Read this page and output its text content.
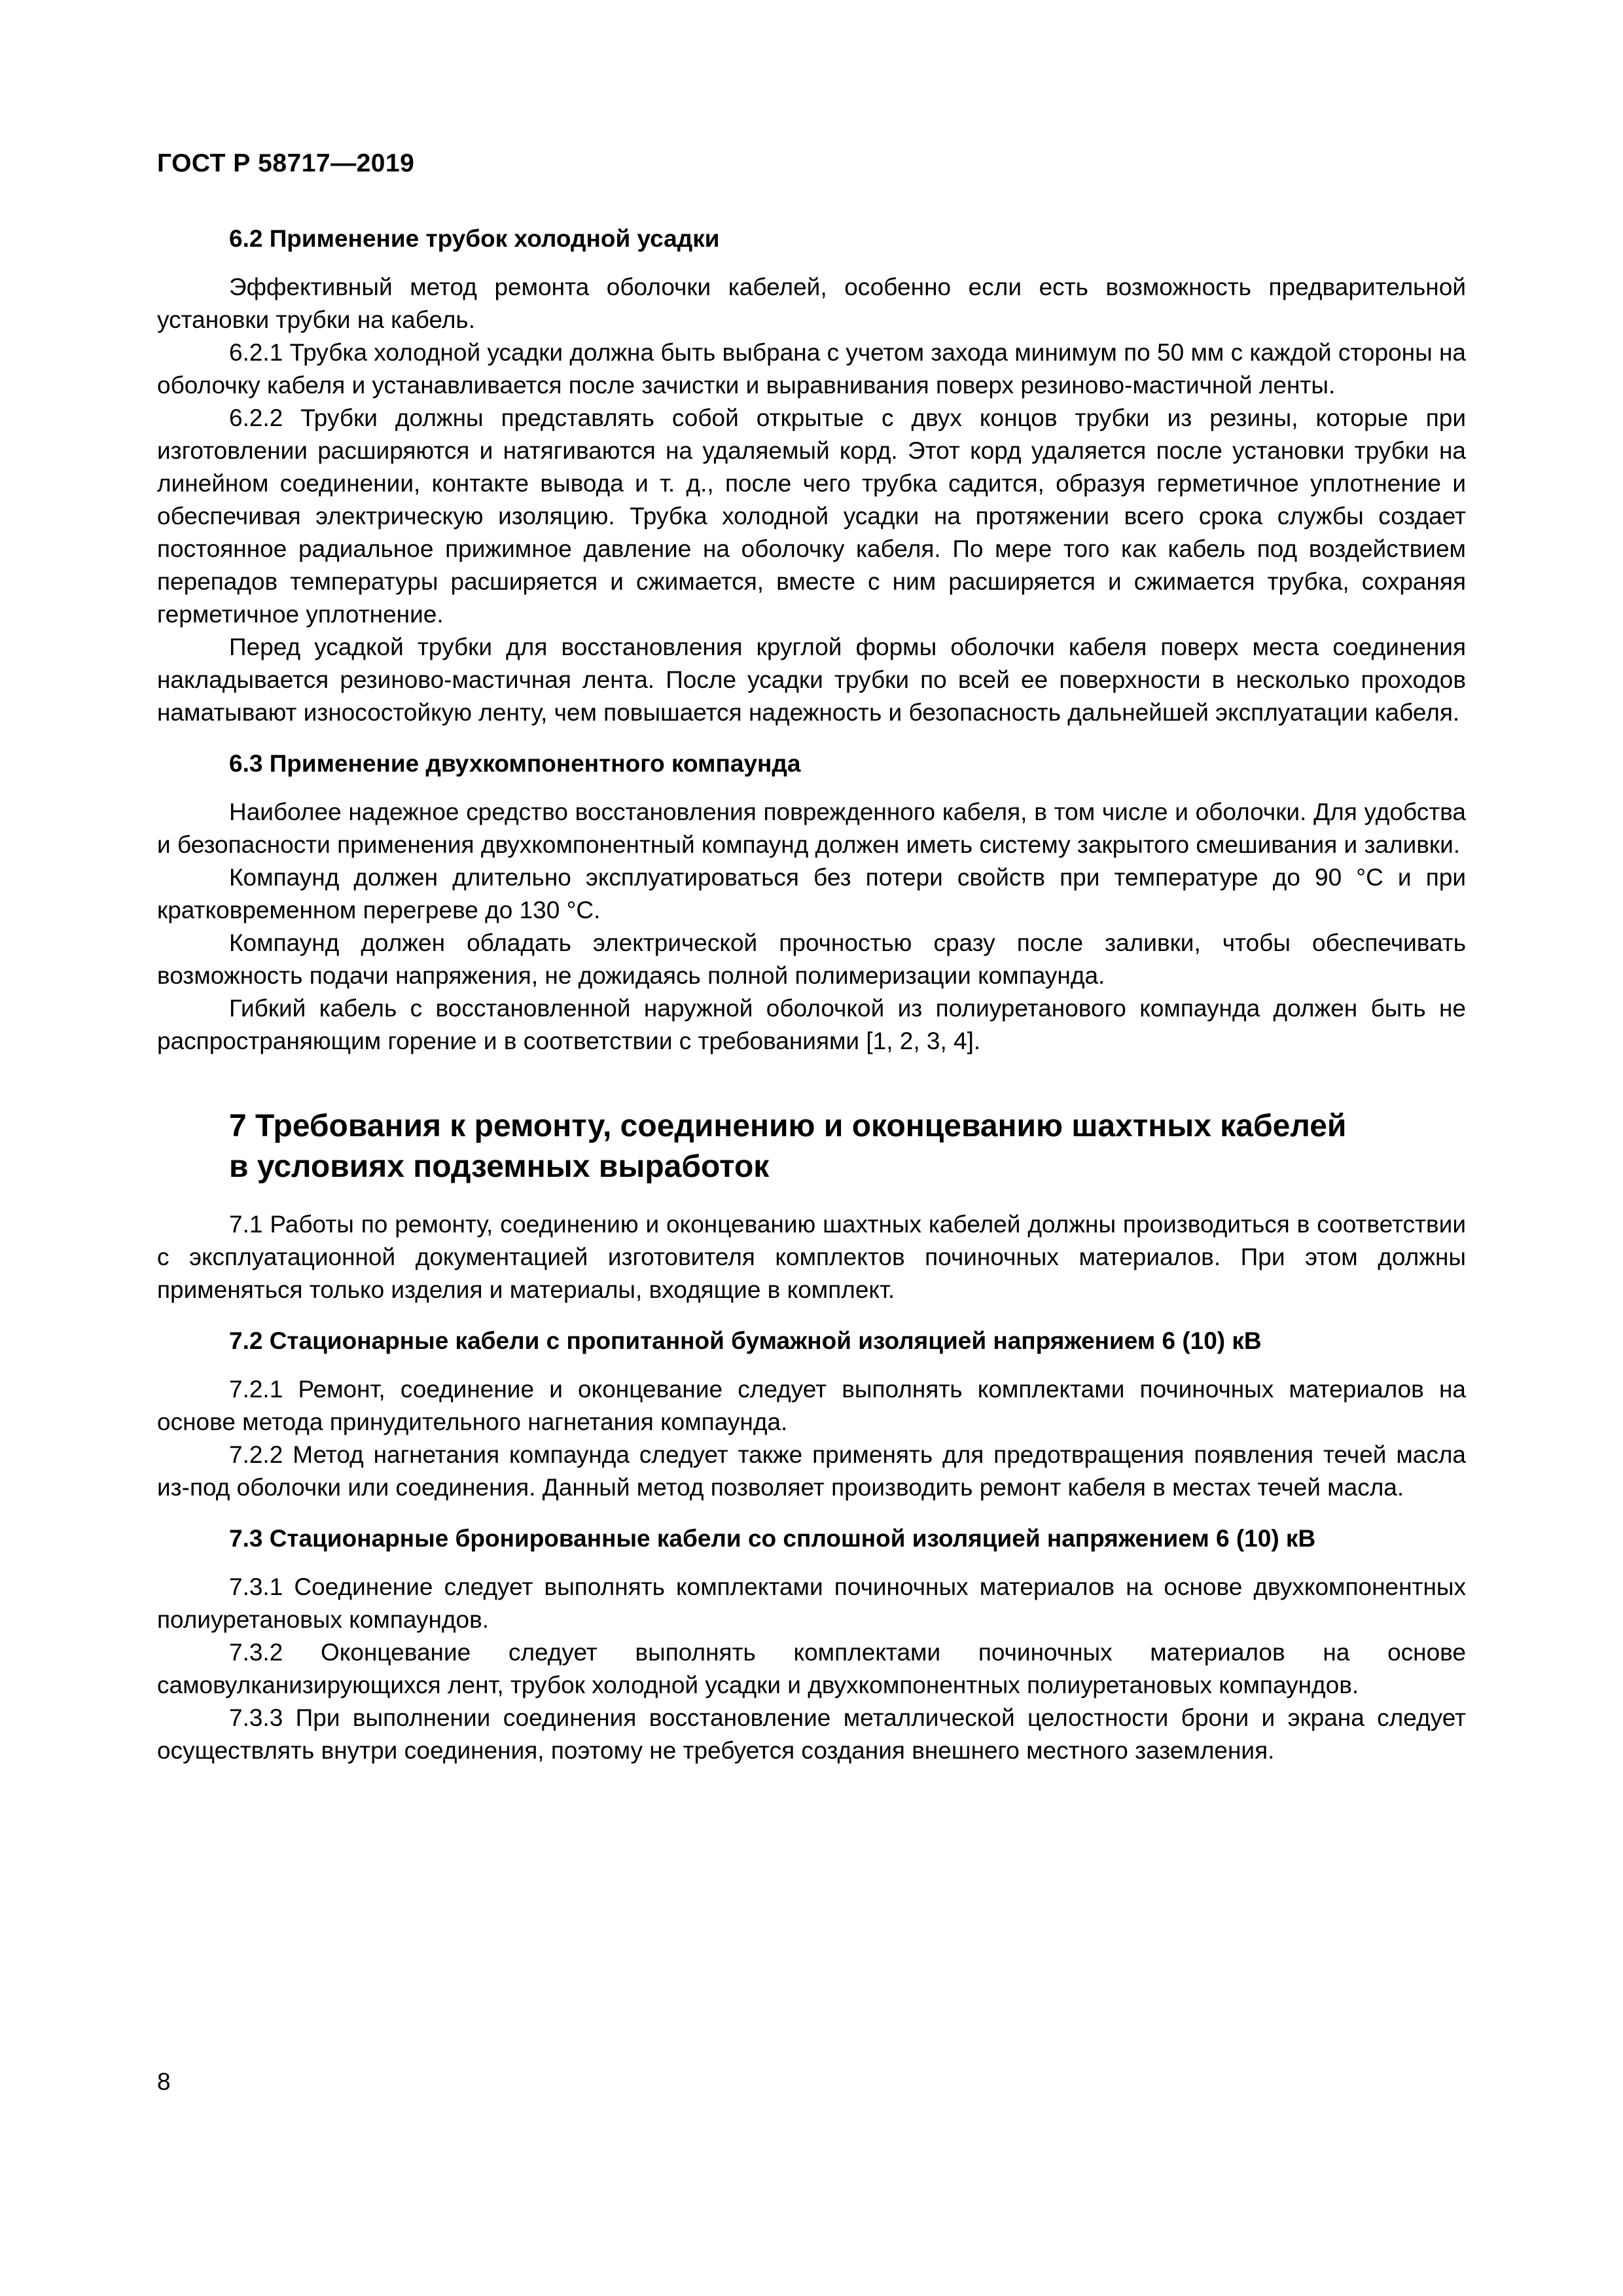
ГОСТ Р 58717—2019
6.2 Применение трубок холодной усадки

Эффективный метод ремонта оболочки кабелей, особенно если есть возможность предварительной установки трубки на кабель.

6.2.1 Трубка холодной усадки должна быть выбрана с учетом захода минимум по 50 мм с каждой стороны на оболочку кабеля и устанавливается после зачистки и выравнивания поверх резиново-мастичной ленты.

6.2.2 Трубки должны представлять собой открытые с двух концов трубки из резины, которые при изготовлении расширяются и натягиваются на удаляемый корд. Этот корд удаляется после установки трубки на линейном соединении, контакте вывода и т. д., после чего трубка садится, образуя герметичное уплотнение и обеспечивая электрическую изоляцию. Трубка холодной усадки на протяжении всего срока службы создает постоянное радиальное прижимное давление на оболочку кабеля. По мере того как кабель под воздействием перепадов температуры расширяется и сжимается, вместе с ним расширяется и сжимается трубка, сохраняя герметичное уплотнение.

Перед усадкой трубки для восстановления круглой формы оболочки кабеля поверх места соединения накладывается резиново-мастичная лента. После усадки трубки по всей ее поверхности в несколько проходов наматывают износостойкую ленту, чем повышается надежность и безопасность дальнейшей эксплуатации кабеля.

6.3 Применение двухкомпонентного компаунда

Наиболее надежное средство восстановления поврежденного кабеля, в том числе и оболочки. Для удобства и безопасности применения двухкомпонентный компаунд должен иметь систему закрытого смешивания и заливки.

Компаунд должен длительно эксплуатироваться без потери свойств при температуре до 90 °С и при кратковременном перегреве до 130 °С.

Компаунд должен обладать электрической прочностью сразу после заливки, чтобы обеспечивать возможность подачи напряжения, не дожидаясь полной полимеризации компаунда.

Гибкий кабель с восстановленной наружной оболочкой из полиуретанового компаунда должен быть не распространяющим горение и в соответствии с требованиями [1, 2, 3, 4].

7 Требования к ремонту, соединению и оконцеванию шахтных кабелей
в условиях подземных выработок

7.1 Работы по ремонту, соединению и оконцеванию шахтных кабелей должны производиться в соответствии с эксплуатационной документацией изготовителя комплектов починочных материалов. При этом должны применяться только изделия и материалы, входящие в комплект.

7.2 Стационарные кабели с пропитанной бумажной изоляцией напряжением 6 (10) кВ

7.2.1 Ремонт, соединение и оконцевание следует выполнять комплектами починочных материалов на основе метода принудительного нагнетания компаунда.

7.2.2 Метод нагнетания компаунда следует также применять для предотвращения появления течей масла из-под оболочки или соединения. Данный метод позволяет производить ремонт кабеля в местах течей масла.

7.3 Стационарные бронированные кабели со сплошной изоляцией напряжением 6 (10) кВ

7.3.1 Соединение следует выполнять комплектами починочных материалов на основе двухкомпонентных полиуретановых компаундов.

7.3.2 Оконцевание следует выполнять комплектами починочных материалов на основе самовулканизирующихся лент, трубок холодной усадки и двухкомпонентных полиуретановых компаундов.

7.3.3 При выполнении соединения восстановление металлической целостности брони и экрана следует осуществлять внутри соединения, поэтому не требуется создания внешнего местного заземления.

8
